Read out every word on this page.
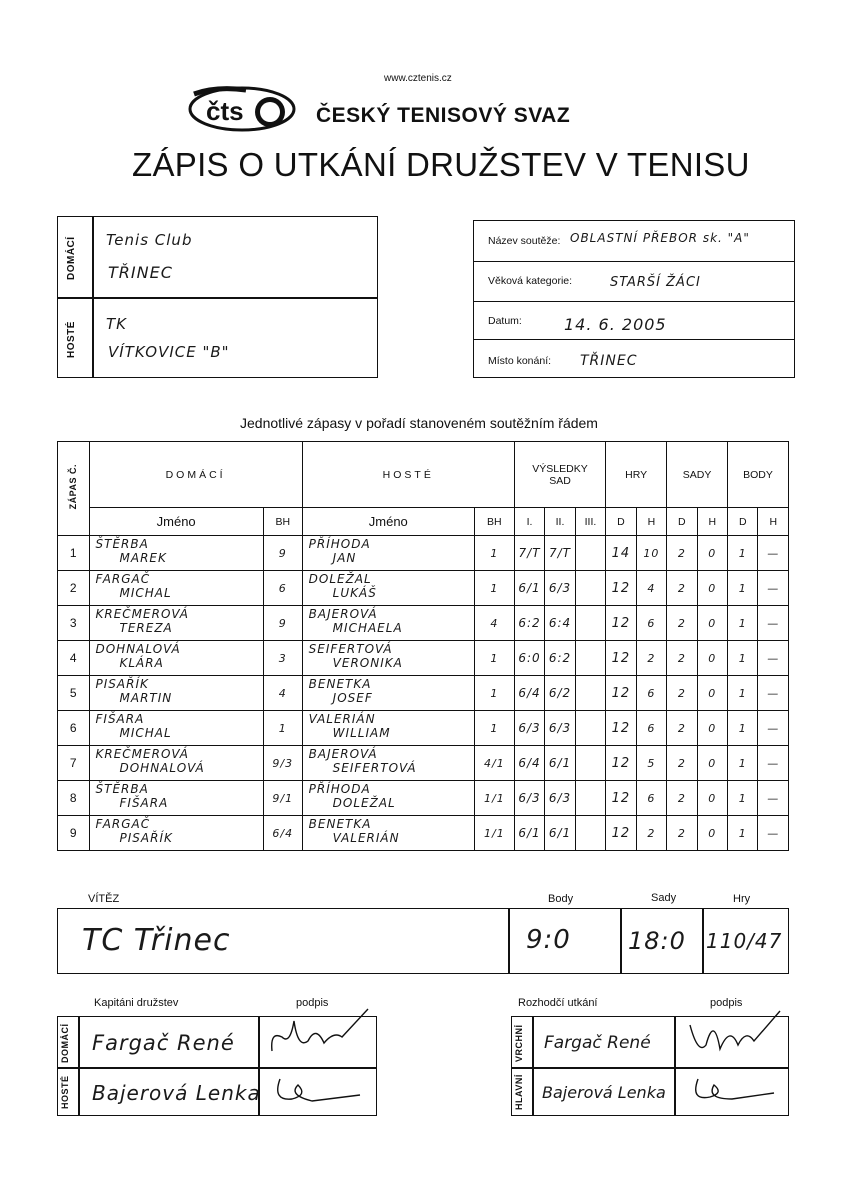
www.cztenis.cz
čts	ČESKÝ TENISOVÝ SVAZ
ZÁPIS O UTKÁNÍ DRUŽSTEV V TENISU
DOMÁCÍ
HOSTÉ
Tenis Club
TŘINEC
TK
VÍTKOVICE "B"
Název soutěže: OBLASTNÍ PŘEBOR sk. "A"
Věková kategorie:	STARŠÍ ŽÁCI
Datum:	14. 6. 2005
Místo konání: TŘINEC
Jednotlivé zápasy v pořadí stanoveném soutěžním řádem
ZÁPAS Č.	DOMÁCÍ		HOSTÉ		VÝSLEDKY SAD			HRY		SADY		BODY	
	Jméno	BH	Jméno	BH	I.	II.	III.	D	H	D	H	D	H
1	ŠTĚRBA
MAREK	9	PŘÍHODA
JAN	1	7/T	7/T		14	10	2	0	1	—
2	FARGAČ
MICHAL	6	DOLEŽAL
LUKÁŠ	1	6/1	6/3		12	4	2	0	1	—
3	KREČMEROVÁ
TEREZA	9	BAJEROVÁ
MICHAELA	4	6:2	6:4		12	6	2	0	1	—
4	DOHNALOVÁ
KLÁRA	3	SEIFERTOVÁ
VERONIKA	1	6:0	6:2		12	2	2	0	1	—
5	PISAŘÍK
MARTIN	4	BENETKA
JOSEF	1	6/4	6/2		12	6	2	0	1	—
6	FIŠARA
MICHAL	1	VALERIÁN
WILLIAM	1	6/3	6/3		12	6	2	0	1	—
7	KREČMEROVÁ
DOHNALOVÁ	9/3	BAJEROVÁ
SEIFERTOVÁ	4/1	6/4	6/1		12	5	2	0	1	—
8	ŠTĚRBA
FIŠARA	9/1	PŘÍHODA
DOLEŽAL	1/1	6/3	6/3		12	6	2	0	1	—
9	FARGAČ
PISAŘÍK	6/4	BENETKA
VALERIÁN	1/1	6/1	6/1		12	2	2	0	1	—
VÍTĚZ	Body	Sady	Hry
TC Třinec	9:0 18:0 110/47
Kapitáni družstev	podpis
DOMÁCÍ
HOSTÉ
Fargač René
Bajerová Lenka
Rozhodčí utkání	podpis
VRCHNÍ
HLAVNÍ
Fargač René
Bajerová Lenka
